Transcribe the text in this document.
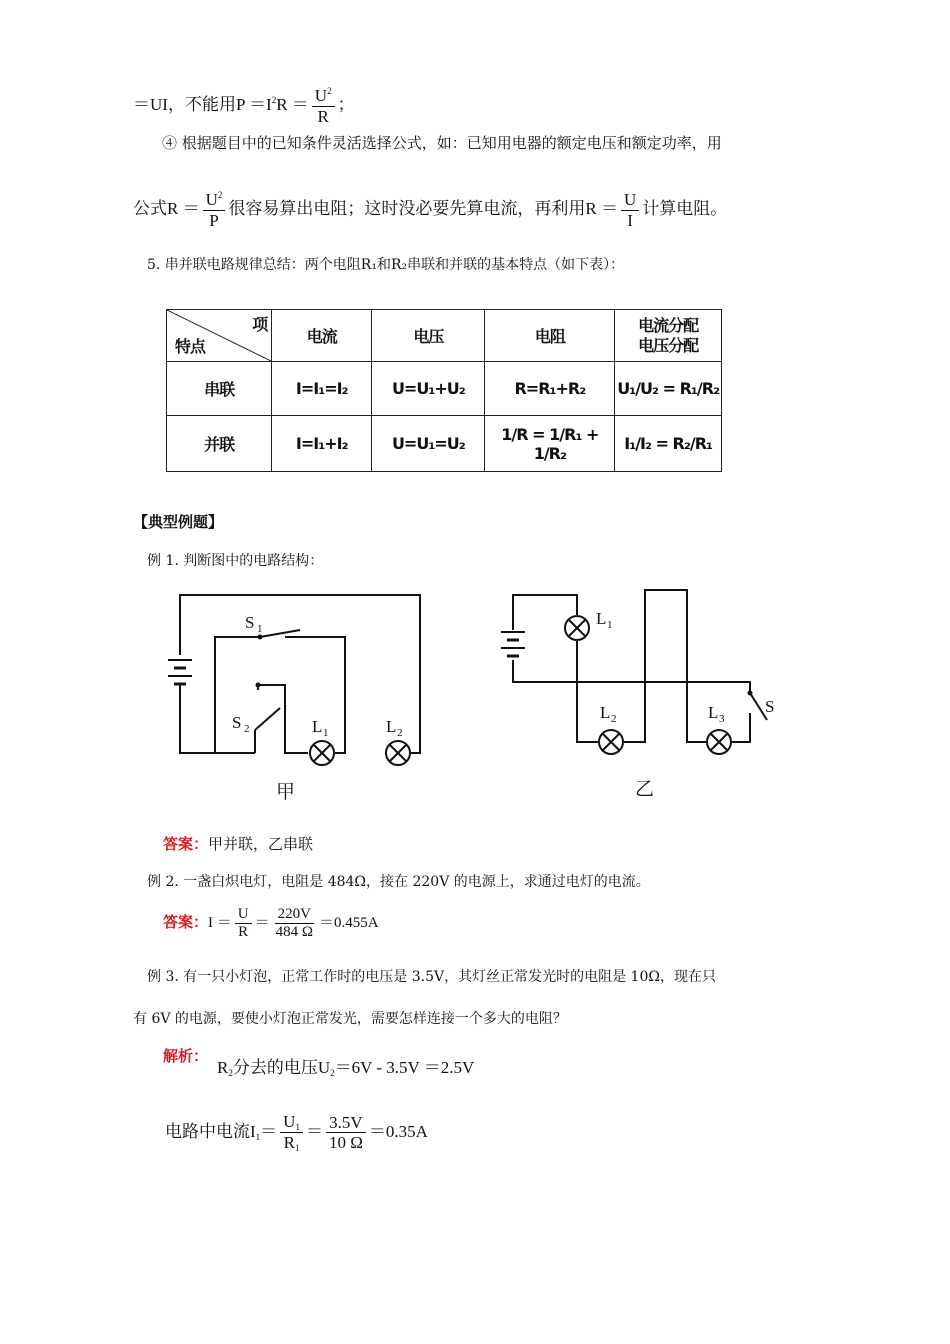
＝UI，不能用$P =I^2R = \frac{U^2}{R}$ ；
④ 根据题目中的已知条件灵活选择公式，如：已知用电器的额定电压和额定功率，用
公式$R = \frac{U^2}{P}$ 很容易算出电阻；这时没必要先算电流，再利用$R = \frac{U}{I}$ 计算电阻。
5. 串并联电路规律总结：两个电阻R₁和R₂串联和并联的基本特点（如下表）：
项
特点	电流	电压	电阻	电流分配
电压分配
串联	I=I₁=I₂	U=U₁+U₂	R=R₁+R₂	U₁/U₂ = R₁/R₂
并联	I=I₁+I₂	U=U₁=U₂	1/R = 1/R₁ + 1/R₂	I₁/I₂ = R₂/R₁
【典型例题】
例 1. 判断图中的电路结构：
S 1
S 2	L 1	L 2
甲
L 1
L 2	L 3
S
乙
答案：甲并联，乙串联
例 2. 一盏白炽电灯，电阻是 484Ω，接在 220V 的电源上，求通过电灯的电流。
答案：$I = \frac{U}{R} = \frac{220V}{484 \Omega} =0.455A$
例 3. 有一只小灯泡，正常工作时的电压是 3.5V，其灯丝正常发光时的电阻是 10Ω，现在只
有 6V 的电源，要使小灯泡正常发光，需要怎样连接一个多大的电阻？
解析：
$R_2$分去的电压$U_2=6V - 3.5V =2.5V$
电路中电流$I_1= \frac{U_1}{R_1} = \frac{3.5V}{10 \Omega} =0.35A$
